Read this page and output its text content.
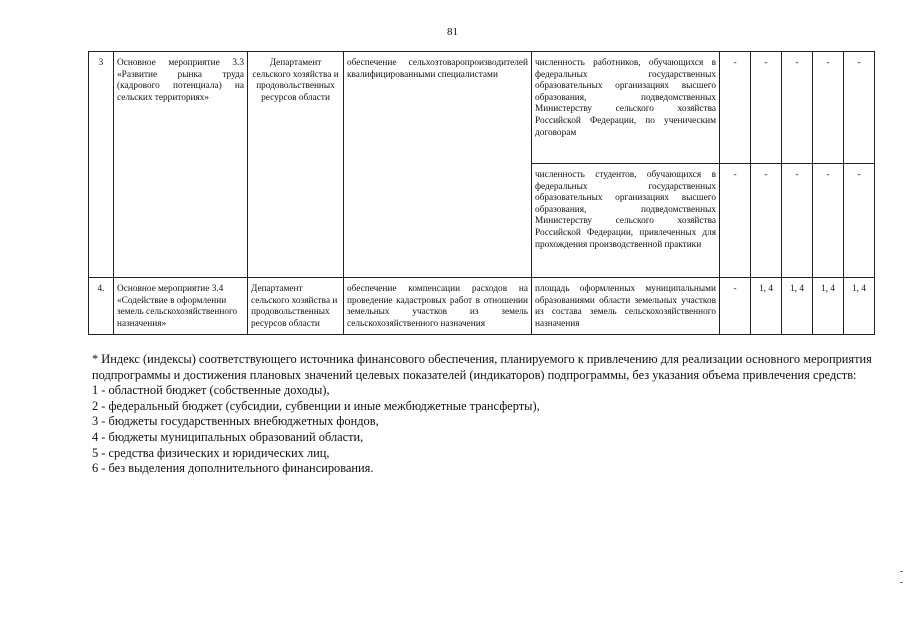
81
3	Основное мероприятие 3.3 «Развитие рынка труда (кадрового потенциала) на сельских территориях»	Департамент сельского хозяйства и продовольственных ресурсов области	обеспечение сельхозтоваропроизводителей квалифицированными специалистами	численность работников, обучающихся в федеральных государственных образовательных организациях высшего образования, подведомственных Министерству сельского хозяйства Российской Федерации, по ученическим договорам	-	-	-	-	-
				численность студентов, обучающихся в федеральных государственных образовательных организациях высшего образования, подведомственных Министерству сельского хозяйства Российской Федерации, привлеченных для прохождения производственной практики	-	-	-	-	-
4.	Основное мероприятие 3.4 «Содействие в оформлении земель сельскохозяйственного назначения»	Департамент сельского хозяйства и продовольственных ресурсов области	обеспечение компенсации расходов на проведение кадастровых работ в отношении земельных участков из земель сельскохозяйственного назначения	площадь оформленных муниципальными образованиями области земельных участков из состава земель сельскохозяйственного назначения	-	1, 4	1, 4	1, 4	1, 4

* Индекс (индексы) соответствующего источника финансового обеспечения, планируемого к привлечению для реализации основного мероприятия подпрограммы и достижения плановых значений целевых показателей (индикаторов) подпрограммы, без указания объема привлечения средств:

1 - областной бюджет (собственные доходы),

2 - федеральный бюджет (субсидии, субвенции и иные межбюджетные трансферты),

3 - бюджеты государственных внебюджетных фондов,

4 - бюджеты муниципальных образований области,

5 - средства физических и юридических лиц,

6 - без выделения дополнительного финансирования.
